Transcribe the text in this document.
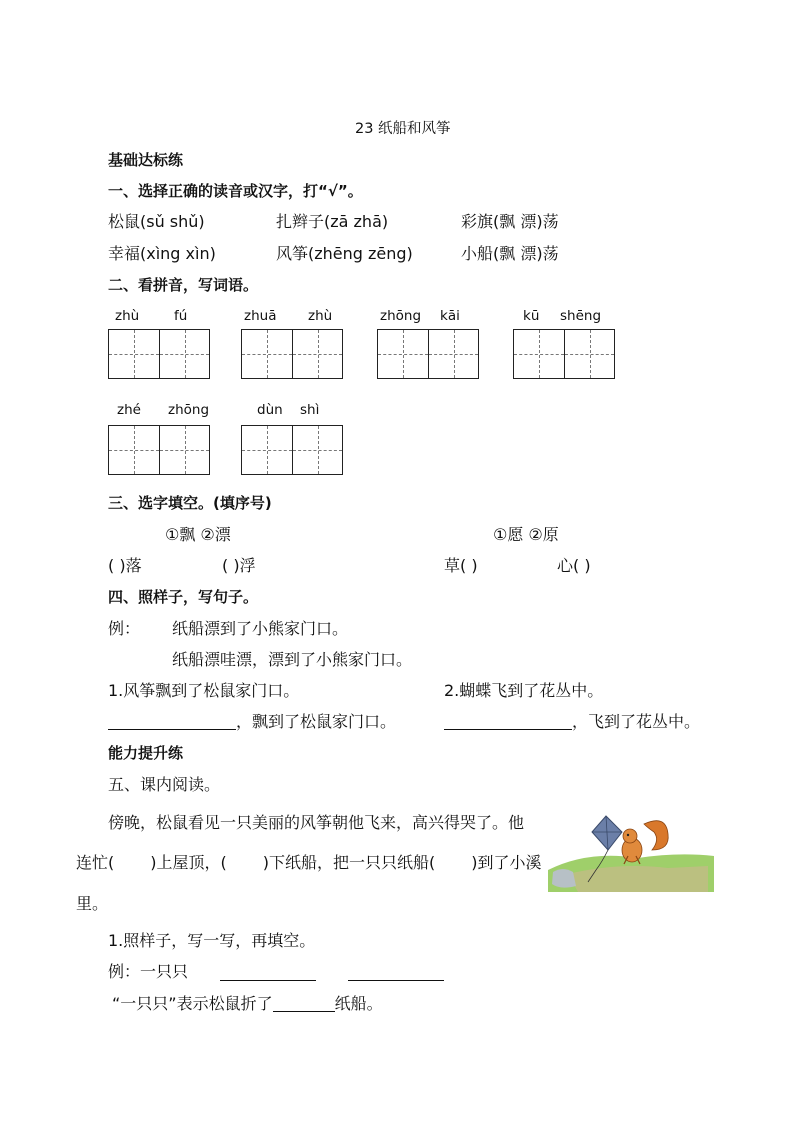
23 纸船和风筝
基础达标练
一、选择正确的读音或汉字，打“√”。
松鼠(sǔ shǔ)	扎辫子(zā zhā)	彩旗(飘 漂)荡
幸福(xìng xìn)	风筝(zhēng zēng)	小船(飘 漂)荡
二、看拼音，写词语。
zhù	fú	zhuā zhù	zhōng kāi	kū shēng
zhé zhōng	dùn shì
三、选字填空。(填序号)
①飘 ②漂	①愿 ②原
( )落	( )浮	草( )	心( )
四、照样子，写句子。
例： 纸船漂到了小熊家门口。
纸船漂哇漂，漂到了小熊家门口。
1.风筝飘到了松鼠家门口。	2.蝴蝶飞到了花丛中。
，飘到了松鼠家门口。	，飞到了花丛中。
能力提升练
五、课内阅读。
傍晚，松鼠看见一只美丽的风筝朝他飞来，高兴得哭了。他
连忙( )上屋顶，( )下纸船，把一只只纸船( )到了小溪
里。
1.照样子，写一写，再填空。
例：一只只
“一只只”表示松鼠折了	纸船。
